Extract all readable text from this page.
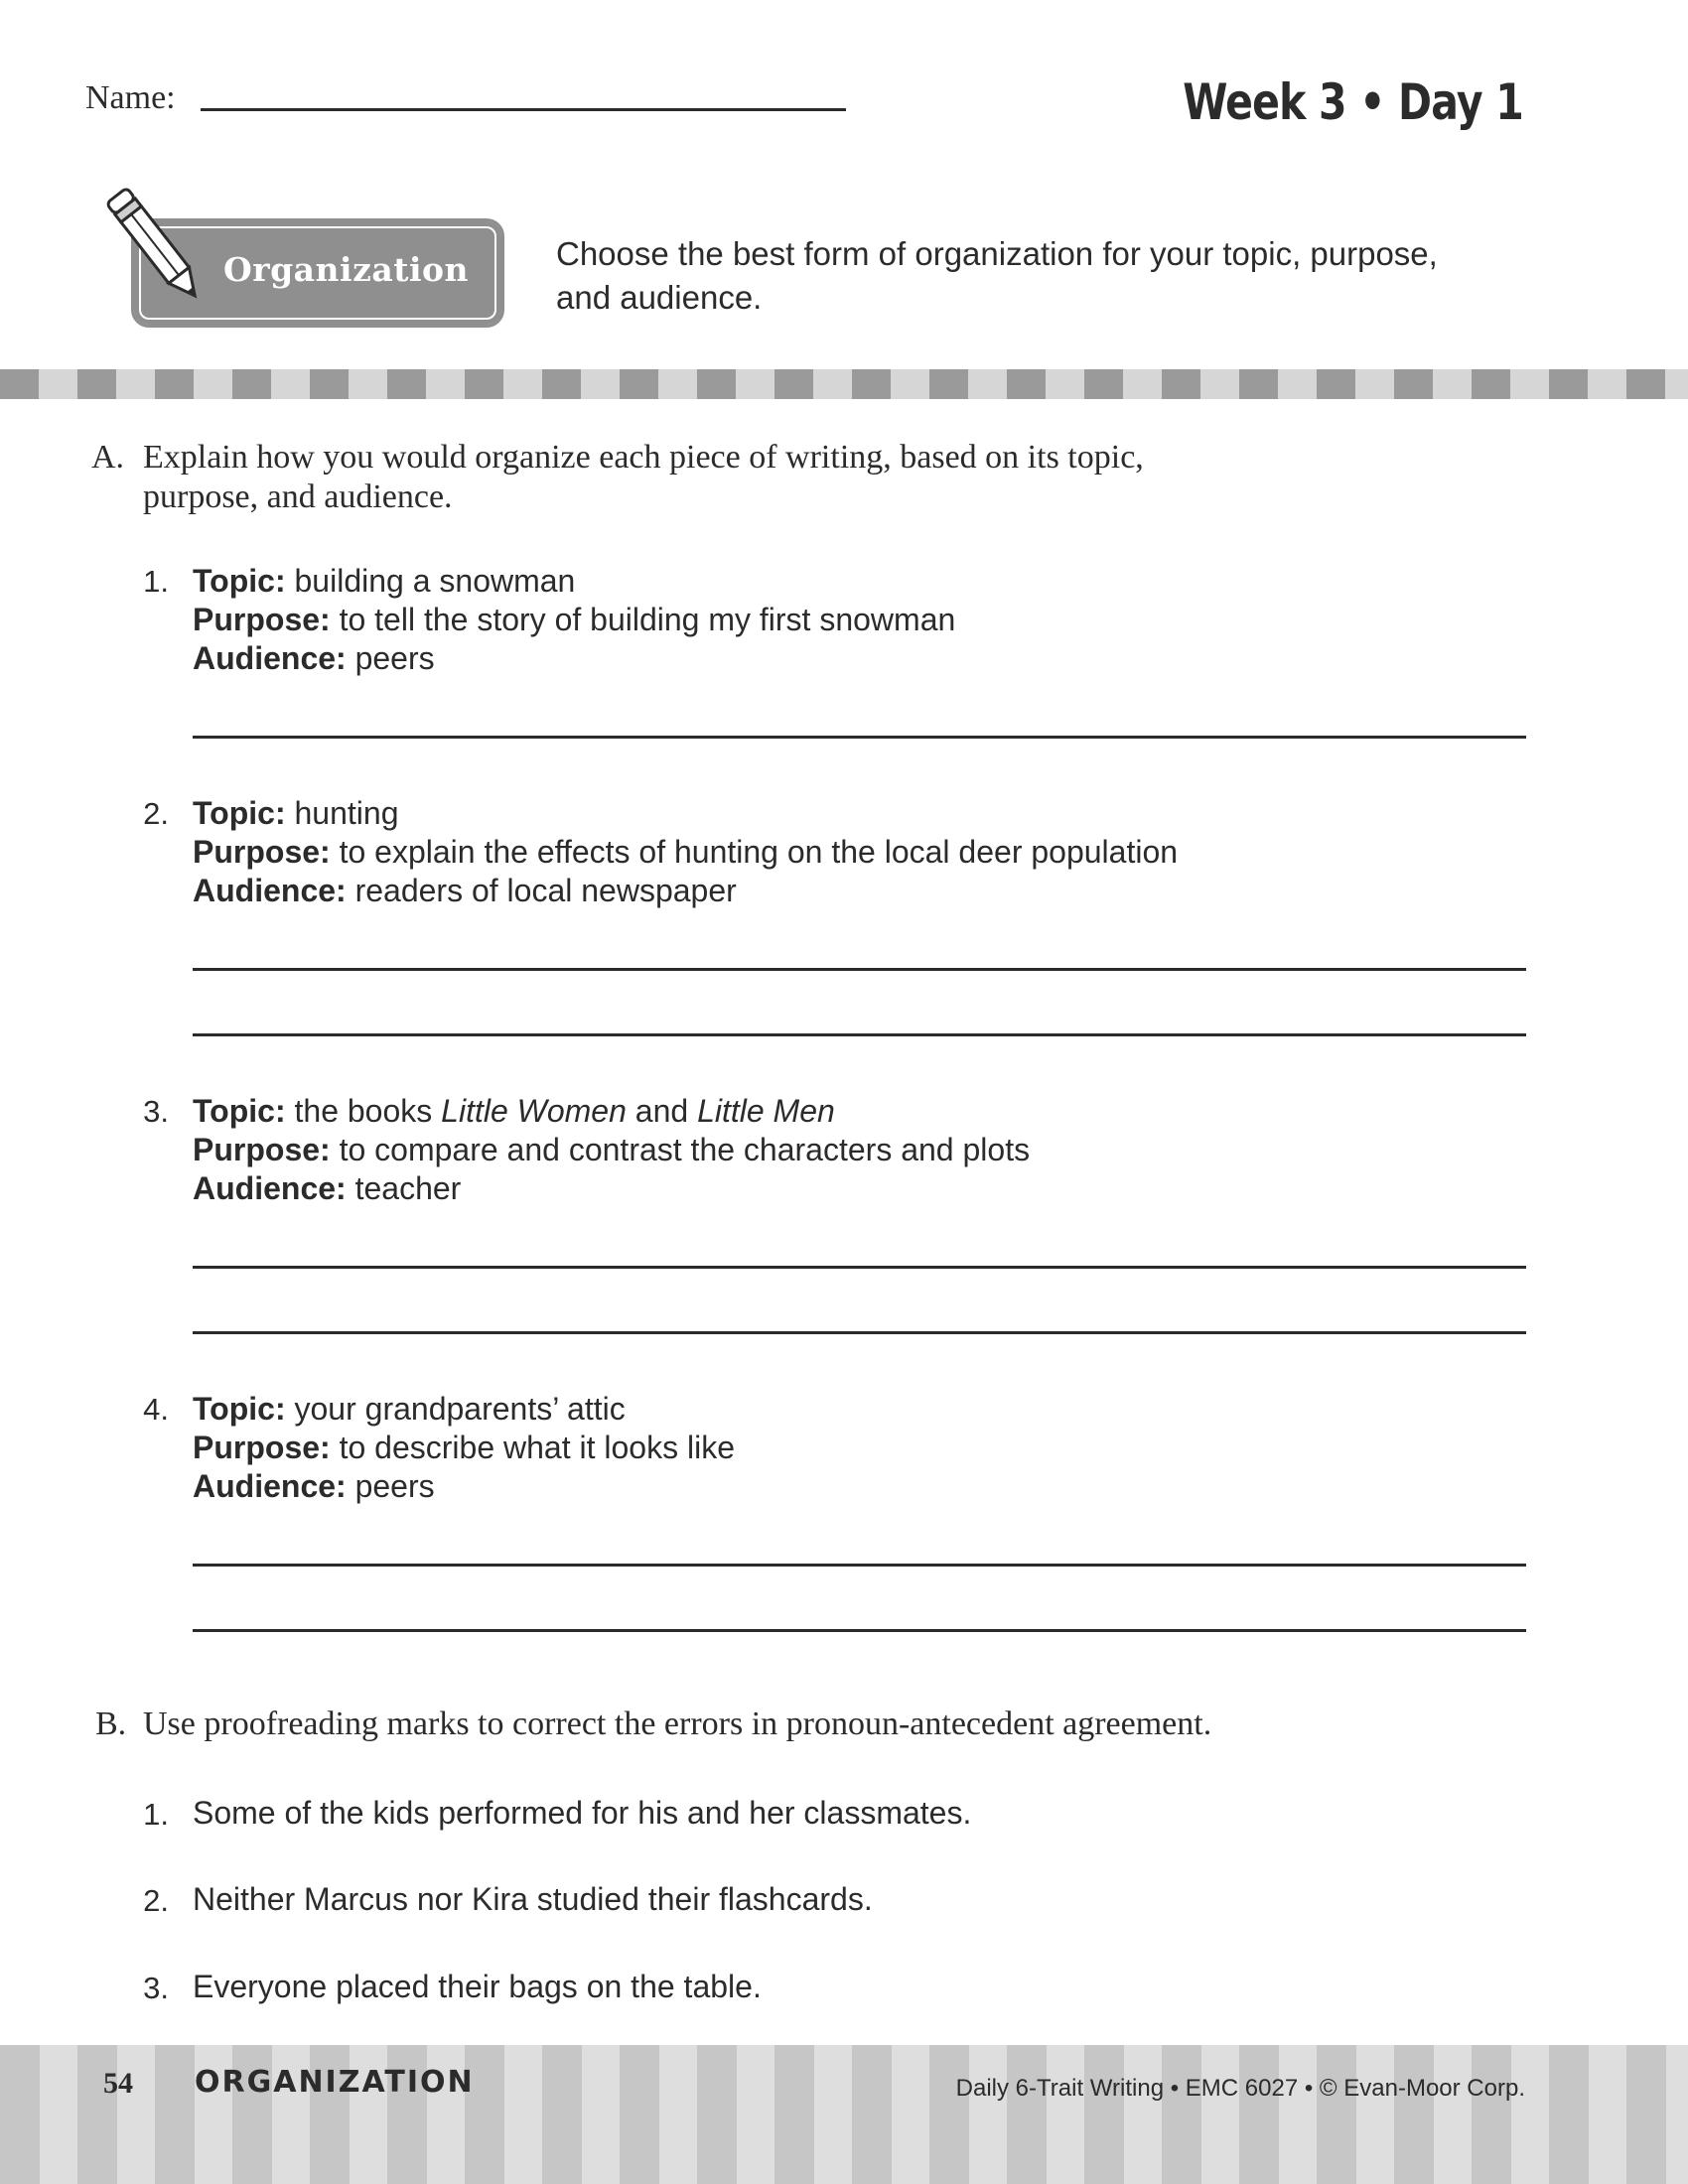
Name:	Week 3 • Day 1
Organization	Choose the best form of organization for your topic, purpose, and audience.
A. Explain how you would organize each piece of writing, based on its topic,
purpose, and audience.
1. Topic: building a snowman
Purpose: to tell the story of building my first snowman
Audience: peers
2. Topic: hunting
Purpose: to explain the effects of hunting on the local deer population
Audience: readers of local newspaper
3. Topic: the books Little Women and Little Men
Purpose: to compare and contrast the characters and plots
Audience: teacher
4. Topic: your grandparents’ attic
Purpose: to describe what it looks like
Audience: peers
B. Use proofreading marks to correct the errors in pronoun-antecedent agreement.
1. Some of the kids performed for his and her classmates.
2. Neither Marcus nor Kira studied their flashcards.
3. Everyone placed their bags on the table.
54 ORGANIZATION	Daily 6-Trait Writing • EMC 6027 • © Evan-Moor Corp.
